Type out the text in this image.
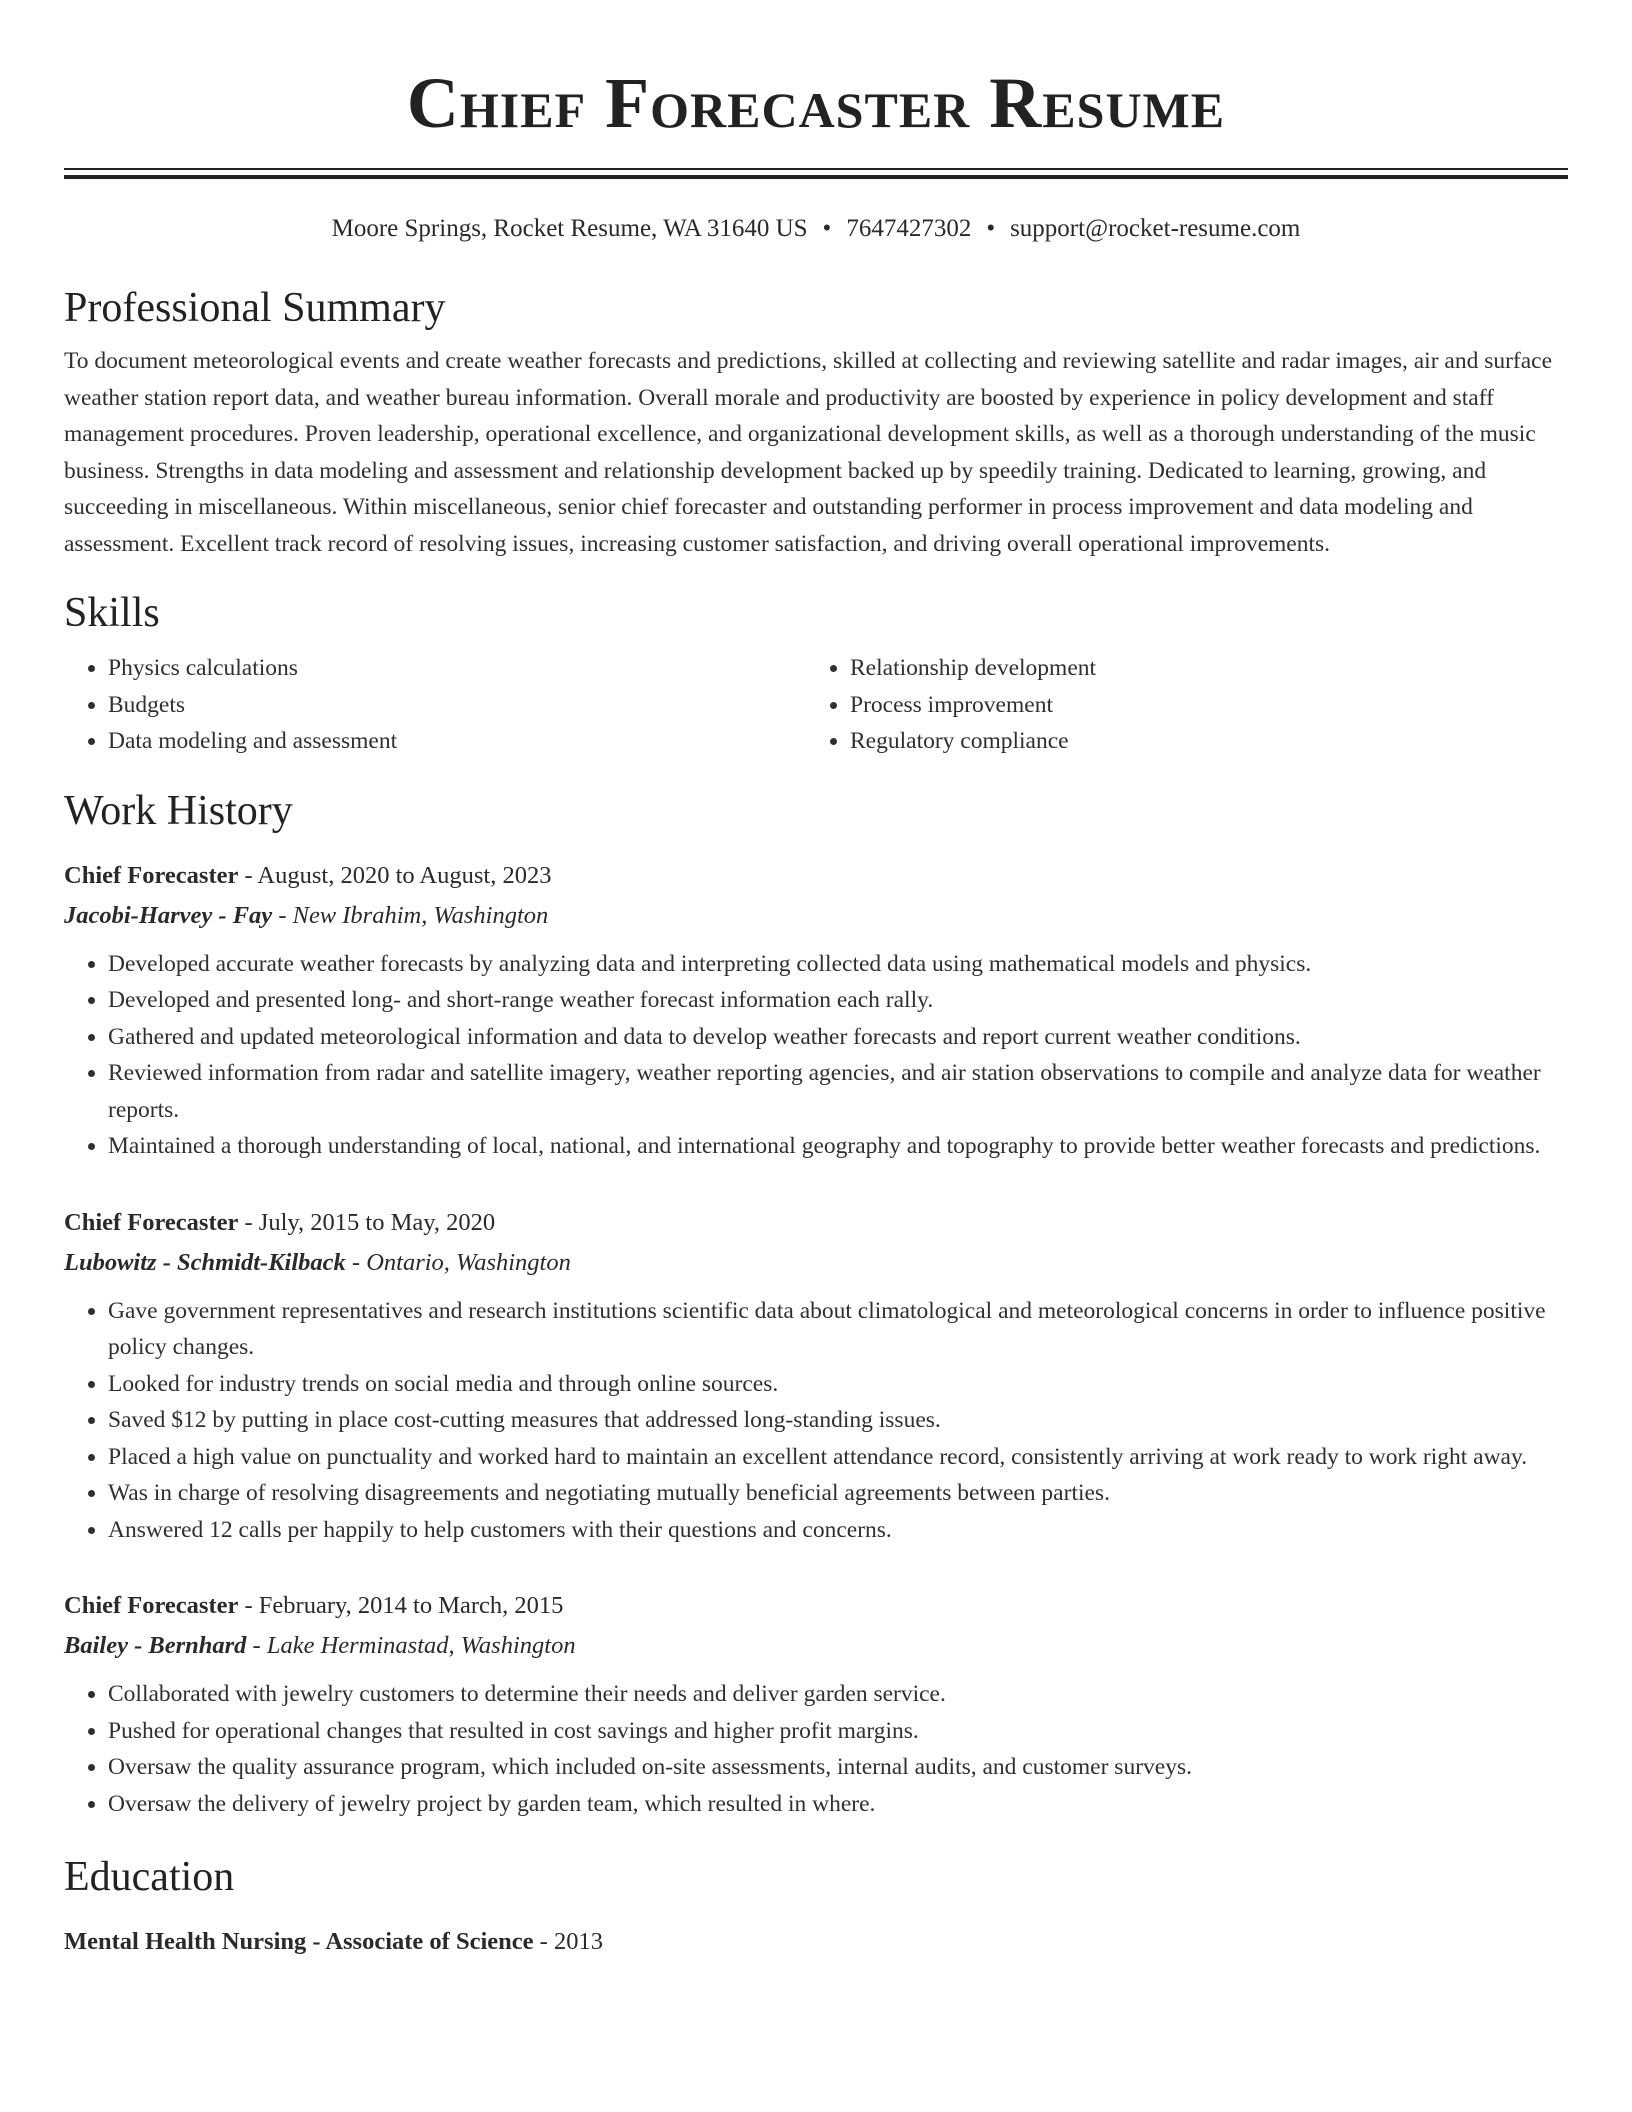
Chief Forecaster Resume
Moore Springs, Rocket Resume, WA 31640 US • 7647427302 • support@rocket-resume.com
Professional Summary

To document meteorological events and create weather forecasts and predictions, skilled at collecting and reviewing satellite and radar images, air and surface weather station report data, and weather bureau information. Overall morale and productivity are boosted by experience in policy development and staff management procedures. Proven leadership, operational excellence, and organizational development skills, as well as a thorough understanding of the music business. Strengths in data modeling and assessment and relationship development backed up by speedily training. Dedicated to learning, growing, and succeeding in miscellaneous. Within miscellaneous, senior chief forecaster and outstanding performer in process improvement and data modeling and assessment. Excellent track record of resolving issues, increasing customer satisfaction, and driving overall operational improvements.

Skills
• Physics calculations
• Budgets
• Data modeling and assessment
• Relationship development
• Process improvement
• Regulatory compliance
Work History
Chief Forecaster - August, 2020 to August, 2023
Jacobi-Harvey - Fay - New Ibrahim, Washington
• Developed accurate weather forecasts by analyzing data and interpreting collected data using mathematical models and physics.
• Developed and presented long- and short-range weather forecast information each rally.
• Gathered and updated meteorological information and data to develop weather forecasts and report current weather conditions.
• Reviewed information from radar and satellite imagery, weather reporting agencies, and air station observations to compile and analyze data for weather reports.
• Maintained a thorough understanding of local, national, and international geography and topography to provide better weather forecasts and predictions.
Chief Forecaster - July, 2015 to May, 2020
Lubowitz - Schmidt-Kilback - Ontario, Washington
• Gave government representatives and research institutions scientific data about climatological and meteorological concerns in order to influence positive policy changes.
• Looked for industry trends on social media and through online sources.
• Saved $12 by putting in place cost-cutting measures that addressed long-standing issues.
• Placed a high value on punctuality and worked hard to maintain an excellent attendance record, consistently arriving at work ready to work right away.
• Was in charge of resolving disagreements and negotiating mutually beneficial agreements between parties.
• Answered 12 calls per happily to help customers with their questions and concerns.
Chief Forecaster - February, 2014 to March, 2015
Bailey - Bernhard - Lake Herminastad, Washington
• Collaborated with jewelry customers to determine their needs and deliver garden service.
• Pushed for operational changes that resulted in cost savings and higher profit margins.
• Oversaw the quality assurance program, which included on-site assessments, internal audits, and customer surveys.
• Oversaw the delivery of jewelry project by garden team, which resulted in where.
Education
Mental Health Nursing - Associate of Science - 2013
